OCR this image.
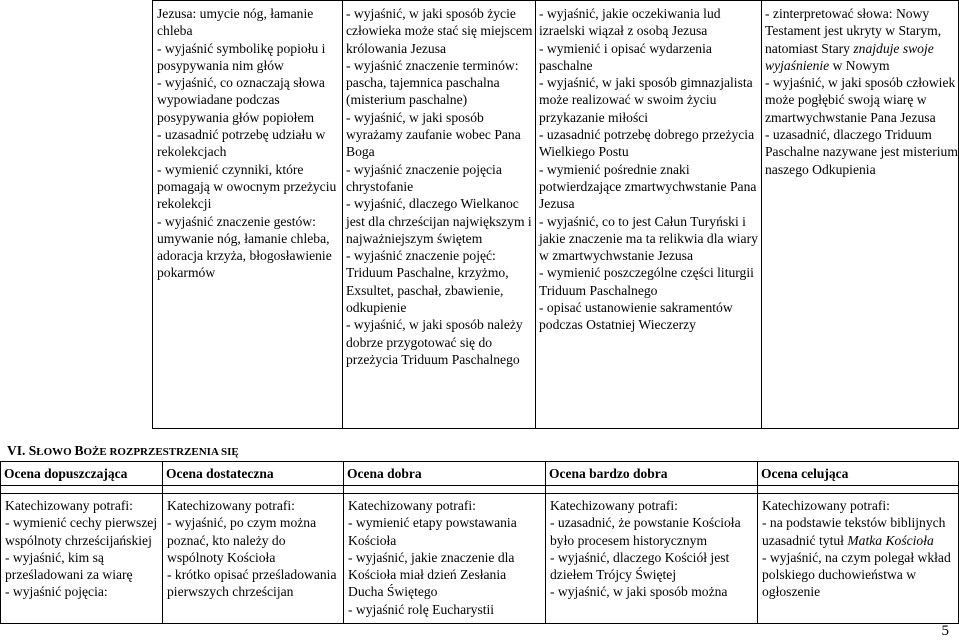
Jezusa: umycie nóg, łamanie chleba
- wyjaśnić symbolikę popiołu i posypywania nim głów
- wyjaśnić, co oznaczają słowa wypowiadane podczas posypywania głów popiołem
- uzasadnić potrzebę udziału w rekolekcjach
- wymienić czynniki, które pomagają w owocnym przeżyciu rekolekcji
- wyjaśnić znaczenie gestów: umywanie nóg, łamanie chleba, adoracja krzyża, błogosławienie pokarmów

- wyjaśnić, w jaki sposób życie człowieka może stać się miejscem królowania Jezusa
- wyjaśnić znaczenie terminów: pascha, tajemnica paschalna (misterium paschalne)
- wyjaśnić, w jaki sposób wyrażamy zaufanie wobec Pana Boga
- wyjaśnić znaczenie pojęcia chrystofanie
- wyjaśnić, dlaczego Wielkanoc jest dla chrześcijan największym i najważniejszym świętem
- wyjaśnić znaczenie pojęć: Triduum Paschalne, krzyżmo, Exsultet, paschał, zbawienie, odkupienie
- wyjaśnić, w jaki sposób należy dobrze przygotować się do przeżycia Triduum Paschalnego

- wyjaśnić, jakie oczekiwania lud izraelski wiązał z osobą Jezusa
- wymienić i opisać wydarzenia paschalne
- wyjaśnić, w jaki sposób gimnazjalista może realizować w swoim życiu przykazanie miłości
- uzasadnić potrzebę dobrego przeżycia Wielkiego Postu
- wymienić pośrednie znaki potwierdzające zmartwychwstanie Pana Jezusa
- wyjaśnić, co to jest Całun Turyński i jakie znaczenie ma ta relikwia dla wiary w zmartwychwstanie Jezusa
- wymienić poszczególne części liturgii Triduum Paschalnego
- opisać ustanowienie sakramentów podczas Ostatniej Wieczerzy

- zinterpretować słowa: Nowy Testament jest ukryty w Starym, natomiast Stary znajduje swoje wyjaśnienie w Nowym
- wyjaśnić, w jaki sposób człowiek może pogłębić swoją wiarę w zmartwychwstanie Pana Jezusa
- uzasadnić, dlaczego Triduum Paschalne nazywane jest misterium naszego Odkupienia
VI. SŁOWO BOŻE ROZPRZESTRZENIA SIĘ
Ocena dopuszczająca	Ocena dostateczna	Ocena dobra	Ocena bardzo dobra	Ocena celująca

Katechizowany potrafi:
- wymienić cechy pierwszej wspólnoty chrześcijańskiej
- wyjaśnić, kim są prześladowani za wiarę
- wyjaśnić pojęcia:	Katechizowany potrafi:
- wyjaśnić, po czym można poznać, kto należy do wspólnoty Kościoła
- krótko opisać prześladowania pierwszych chrześcijan	Katechizowany potrafi:
- wymienić etapy powstawania Kościoła
- wyjaśnić, jakie znaczenie dla Kościoła miał dzień Zesłania Ducha Świętego
- wyjaśnić rolę Eucharystii	Katechizowany potrafi:
- uzasadnić, że powstanie Kościoła było procesem historycznym
- wyjaśnić, dlaczego Kościół jest dziełem Trójcy Świętej
- wyjaśnić, w jaki sposób można	Katechizowany potrafi:
- na podstawie tekstów biblijnych uzasadnić tytuł Matka Kościoła
- wyjaśnić, na czym polegał wkład polskiego duchowieństwa w ogłoszenie
5
